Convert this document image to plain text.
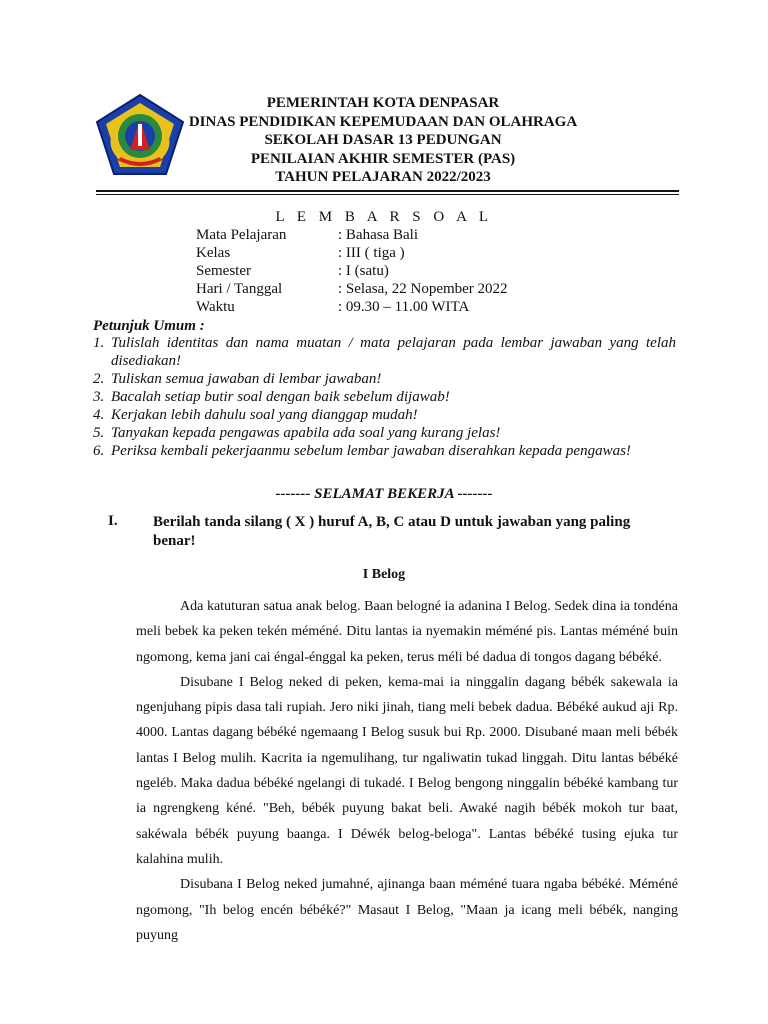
PEMERINTAH KOTA DENPASAR
DINAS PENDIDIKAN KEPEMUDAAN DAN OLAHRAGA
SEKOLAH DASAR 13 PEDUNGAN
PENILAIAN AKHIR SEMESTER (PAS)
TAHUN PELAJARAN 2022/2023
L E M B A R S O A L
Mata Pelajaran	: Bahasa Bali
Kelas	: III ( tiga )
Semester	: I (satu)
Hari / Tanggal	: Selasa, 22 Nopember 2022
Waktu	: 09.30 – 11.00 WITA
Petunjuk Umum :
1. Tulislah identitas dan nama muatan / mata pelajaran pada lembar jawaban yang telah disediakan!
2. Tuliskan semua jawaban di lembar jawaban!
3. Bacalah setiap butir soal dengan baik sebelum dijawab!
4. Kerjakan lebih dahulu soal yang dianggap mudah!
5. Tanyakan kepada pengawas apabila ada soal yang kurang jelas!
6. Periksa kembali pekerjaanmu sebelum lembar jawaban diserahkan kepada pengawas!
------- SELAMAT BEKERJA -------
I. Berilah tanda silang ( X ) huruf A, B, C atau D untuk jawaban yang paling benar!
I Belog

Ada katuturan satua anak belog. Baan belogné ia adanina I Belog. Sedek dina ia tondéna meli bebek ka peken tekén méméné. Ditu lantas ia nyemakin méméné pis. Lantas méméné buin ngomong, kema jani cai éngal-énggal ka peken, terus méli bé dadua di tongos dagang bébéké.

Disubane I Belog neked di peken, kema-mai ia ninggalin dagang bébék sakewala ia ngenjuhang pipis dasa tali rupiah. Jero niki jinah, tiang meli bebek dadua. Bébéké aukud aji Rp. 4000. Lantas dagang bébéké ngemaang I Belog susuk bui Rp. 2000. Disubané maan meli bébék lantas I Belog mulih. Kacrita ia ngemulihang, tur ngaliwatin tukad linggah. Ditu lantas bébéké ngeléb. Maka dadua bébéké ngelangi di tukadé. I Belog bengong ninggalin bébéké kambang tur ia ngrengkeng kéné. "Beh, bébék puyung bakat beli. Awaké nagih bébék mokoh tur baat, sakéwala bébék puyung baanga. I Déwék belog-beloga". Lantas bébéké tusing ejuka tur kalahina mulih.

Disubana I Belog neked jumahné, ajinanga baan méméné tuara ngaba bébéké. Méméné ngomong, "Ih belog encén bébéké?" Masaut I Belog, "Maan ja icang meli bébék, nanging puyung
